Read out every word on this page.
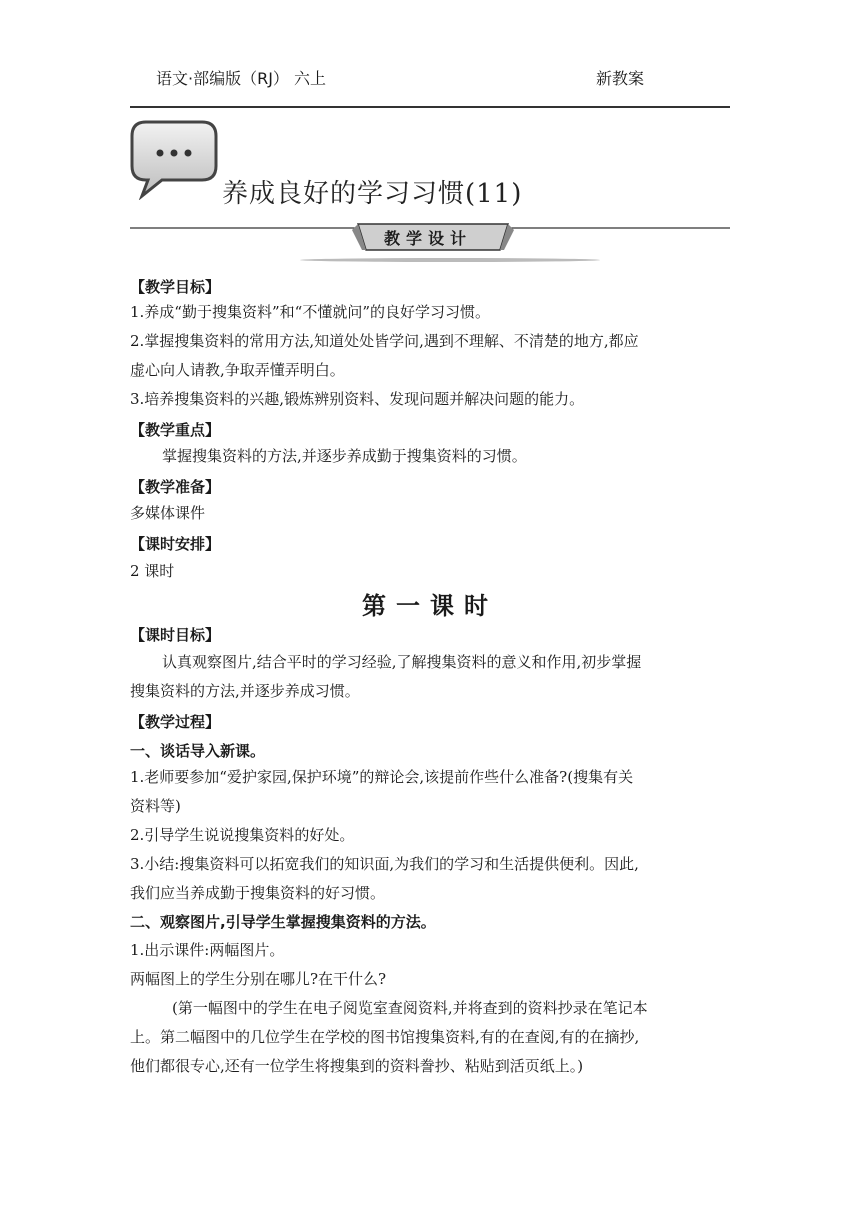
语文·部编版（RJ） 六上	新教案
养成良好的学习习惯(11)
教学设计
【教学目标】
1.养成“勤于搜集资料”和“不懂就问”的良好学习习惯。
2.掌握搜集资料的常用方法,知道处处皆学问,遇到不理解、不清楚的地方,都应
虚心向人请教,争取弄懂弄明白。
3.培养搜集资料的兴趣,锻炼辨别资料、发现问题并解决问题的能力。
【教学重点】
掌握搜集资料的方法,并逐步养成勤于搜集资料的习惯。
【教学准备】
多媒体课件
【课时安排】
2 课时
第一课时
【课时目标】
认真观察图片,结合平时的学习经验,了解搜集资料的意义和作用,初步掌握
搜集资料的方法,并逐步养成习惯。
【教学过程】
一、谈话导入新课。
1.老师要参加“爱护家园,保护环境”的辩论会,该提前作些什么准备?(搜集有关
资料等)
2.引导学生说说搜集资料的好处。
3.小结:搜集资料可以拓宽我们的知识面,为我们的学习和生活提供便利。因此,
我们应当养成勤于搜集资料的好习惯。
二、观察图片,引导学生掌握搜集资料的方法。
1.出示课件:两幅图片。
两幅图上的学生分别在哪儿?在干什么?
(第一幅图中的学生在电子阅览室查阅资料,并将查到的资料抄录在笔记本
上。第二幅图中的几位学生在学校的图书馆搜集资料,有的在查阅,有的在摘抄,
他们都很专心,还有一位学生将搜集到的资料誊抄、粘贴到活页纸上。)
